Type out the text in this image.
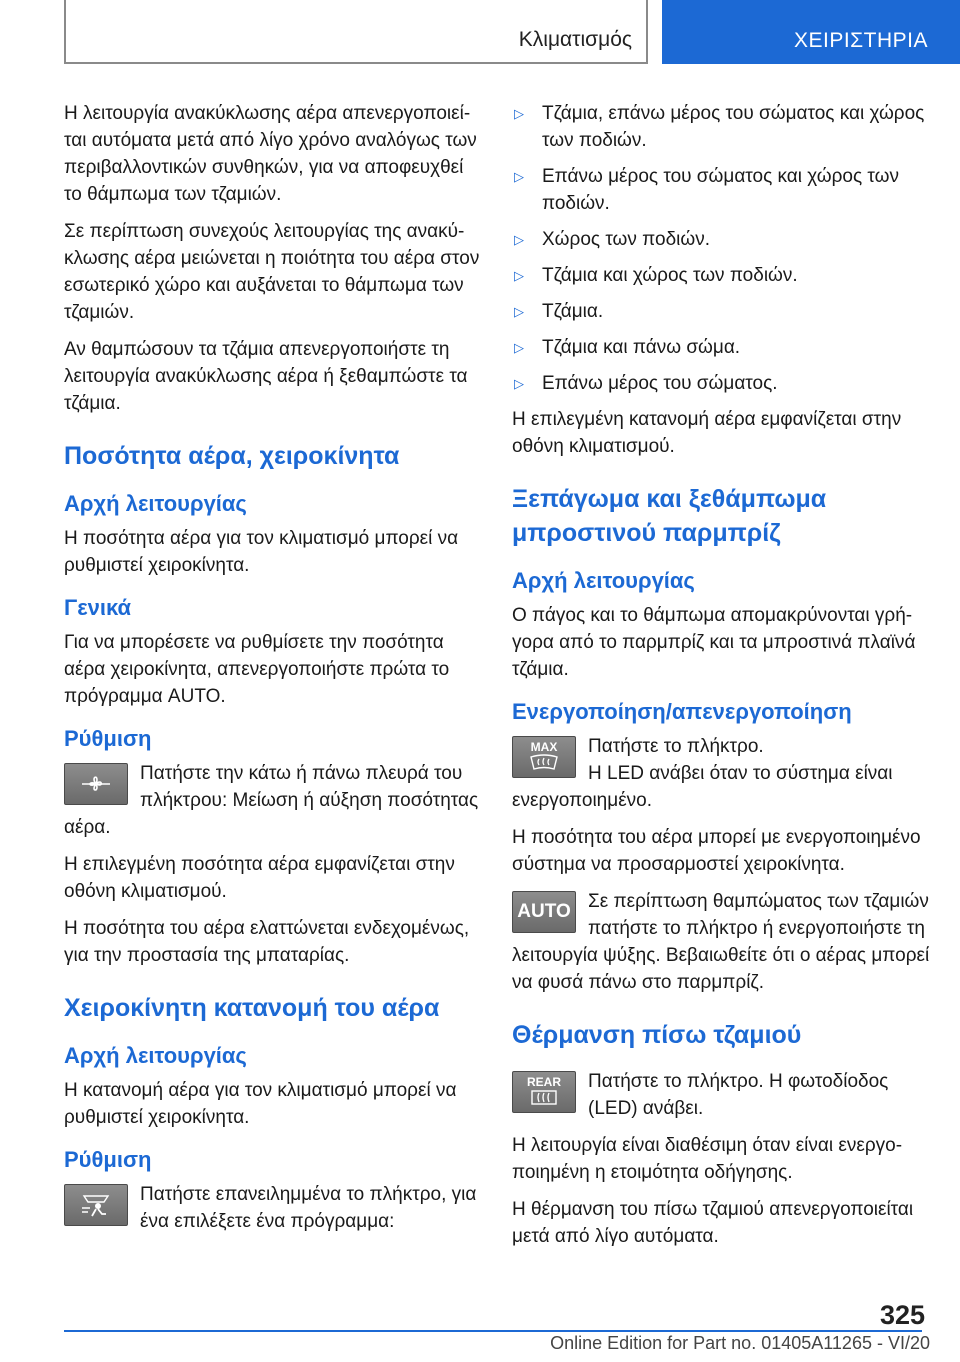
Κλιματισμός	ΧΕΙΡΙΣΤΗΡΙΑ

Η λειτουργία ανακύκλωσης αέρα απενεργοποιείται αυτόματα μετά από λίγο χρόνο αναλόγως των περιβαλλοντικών συνθηκών, για να αποφευχθεί το θάμπωμα των τζαμιών.

Σε περίπτωση συνεχούς λειτουργίας της ανακύκλωσης αέρα μειώνεται η ποιότητα του αέρα στον εσωτερικό χώρο και αυξάνεται το θάμπωμα των τζαμιών.

Αν θαμπώσουν τα τζάμια απενεργοποιήστε τη λειτουργία ανακύκλωσης αέρα ή ξεθαμπώστε τα τζάμια.

Ποσότητα αέρα, χειροκίνητα
Αρχή λειτουργίας

Η ποσότητα αέρα για τον κλιματισμό μπορεί να ρυθμιστεί χειροκίνητα.

Γενικά

Για να μπορέσετε να ρυθμίσετε την ποσότητα αέρα χειροκίνητα, απενεργοποιήστε πρώτα το πρόγραμμα AUTO.

Ρύθμιση

Πατήστε την κάτω ή πάνω πλευρά του πλήκτρου: Μείωση ή αύξηση ποσότητας αέρα.

Η επιλεγμένη ποσότητα αέρα εμφανίζεται στην οθόνη κλιματισμού.

Η ποσότητα του αέρα ελαττώνεται ενδεχομένως, για την προστασία της μπαταρίας.

Χειροκίνητη κατανομή του αέρα
Αρχή λειτουργίας

Η κατανομή αέρα για τον κλιματισμό μπορεί να ρυθμιστεί χειροκίνητα.

Ρύθμιση

Πατήστε επανειλημμένα το πλήκτρο, για ένα επιλέξετε ένα πρόγραμμα:

▷ Τζάμια, επάνω μέρος του σώματος και χώρος των ποδιών.
▷ Επάνω μέρος του σώματος και χώρος των ποδιών.
▷ Χώρος των ποδιών.
▷ Τζάμια και χώρος των ποδιών.
▷ Τζάμια.
▷ Τζάμια και πάνω σώμα.
▷ Επάνω μέρος του σώματος.

Η επιλεγμένη κατανομή αέρα εμφανίζεται στην οθόνη κλιματισμού.

Ξεπάγωμα και ξεθάμπωμα μπροστινού παρμπρίζ
Αρχή λειτουργίας

Ο πάγος και το θάμπωμα απομακρύνονται γρήγορα από το παρμπρίζ και τα μπροστινά πλαϊνά τζάμια.

Ενεργοποίηση/απενεργοποίηση
MAX	Πατήστε το πλήκτρο.

Η LED ανάβει όταν το σύστημα είναι ενεργοποιημένο.

Η ποσότητα του αέρα μπορεί με ενεργοποιημένο σύστημα να προσαρμοστεί χειροκίνητα.

AUTO Σε περίπτωση θαμπώματος των τζαμιών πατήστε το πλήκτρο ή ενεργοποιήστε τη λειτουργία ψύξης. Βεβαιωθείτε ότι ο αέρας μπορεί να φυσά πάνω στο παρμπρίζ.

Θέρμανση πίσω τζαμιού
REAR	Πατήστε το πλήκτρο. Η φωτοδίοδος (LED) ανάβει.

Η λειτουργία είναι διαθέσιμη όταν είναι ενεργοποιημένη η ετοιμότητα οδήγησης.

Η θέρμανση του πίσω τζαμιού απενεργοποιείται μετά από λίγο αυτόματα.

325
Online Edition for Part no. 01405A11265 - VI/20
